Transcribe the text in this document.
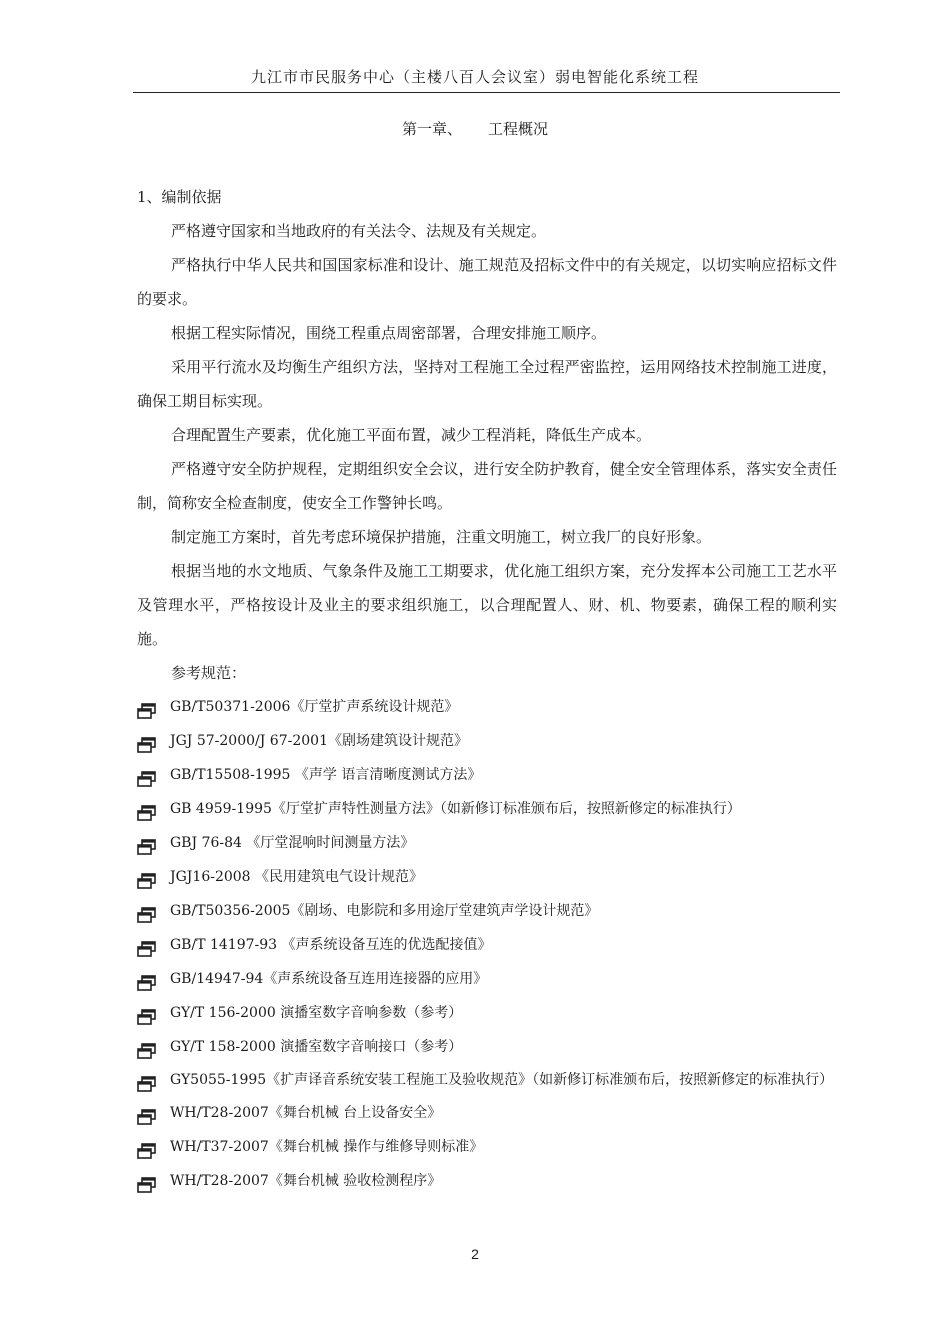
九江市市民服务中心（主楼八百人会议室）弱电智能化系统工程
第一章、 工程概况

1、编制依据

严格遵守国家和当地政府的有关法令、法规及有关规定。

严格执行中华人民共和国国家标准和设计、施工规范及招标文件中的有关规定，以切实响应招标文件的要求。

根据工程实际情况，围绕工程重点周密部署，合理安排施工顺序。

采用平行流水及均衡生产组织方法，坚持对工程施工全过程严密监控，运用网络技术控制施工进度，确保工期目标实现。

合理配置生产要素，优化施工平面布置，减少工程消耗，降低生产成本。

严格遵守安全防护规程，定期组织安全会议，进行安全防护教育，健全安全管理体系，落实安全责任制，简称安全检查制度，使安全工作警钟长鸣。

制定施工方案时，首先考虑环境保护措施，注重文明施工，树立我厂的良好形象。

根据当地的水文地质、气象条件及施工工期要求，优化施工组织方案，充分发挥本公司施工工艺水平及管理水平，严格按设计及业主的要求组织施工，以合理配置人、财、机、物要素，确保工程的顺利实施。

参考规范：

GB/T50371-2006《厅堂扩声系统设计规范》
JGJ 57-2000/J 67-2001《剧场建筑设计规范》
GB/T15508-1995 《声学 语言清晰度测试方法》
GB 4959-1995《厅堂扩声特性测量方法》（如新修订标准颁布后，按照新修定的标准执行）
GBJ 76-84 《厅堂混响时间测量方法》
JGJ16-2008 《民用建筑电气设计规范》
GB/T50356-2005《剧场、电影院和多用途厅堂建筑声学设计规范》
GB/T 14197-93 《声系统设备互连的优选配接值》
GB/14947-94《声系统设备互连用连接器的应用》
GY/T 156-2000 演播室数字音响参数（参考）
GY/T 158-2000 演播室数字音响接口（参考）
GY5055-1995《扩声译音系统安装工程施工及验收规范》（如新修订标准颁布后，按照新修定的标准执行）
WH/T28-2007《舞台机械 台上设备安全》
WH/T37-2007《舞台机械 操作与维修导则标准》
WH/T28-2007《舞台机械 验收检测程序》
2
